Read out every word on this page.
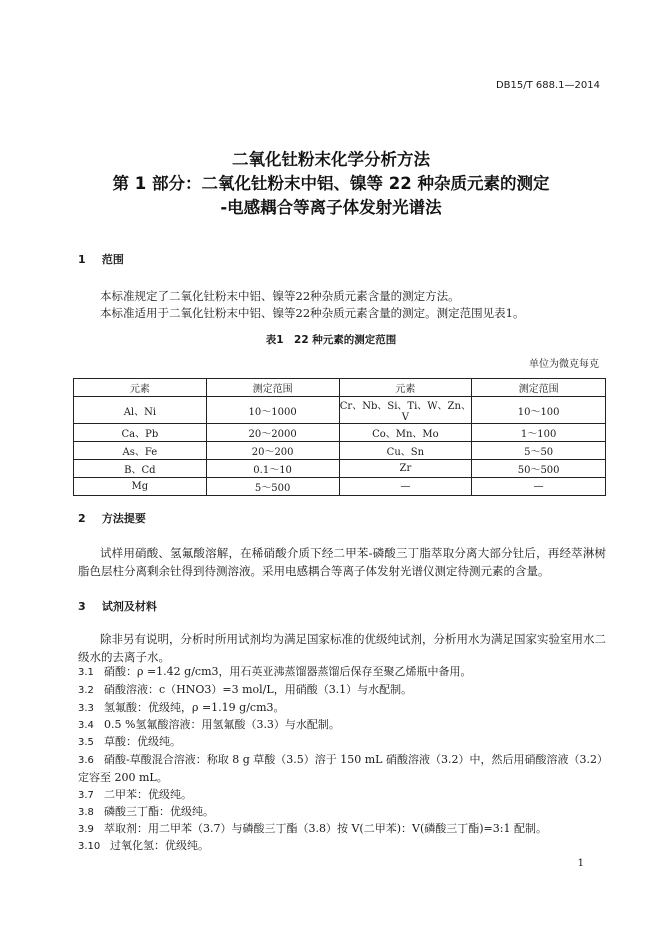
DB15/T 688.1—2014
二氧化钍粉末化学分析方法
第 1 部分：二氧化钍粉末中铝、镍等 22 种杂质元素的测定
-电感耦合等离子体发射光谱法
1 范围
本标准规定了二氧化钍粉末中铝、镍等22种杂质元素含量的测定方法。
本标准适用于二氧化钍粉末中铝、镍等22种杂质元素含量的测定。测定范围见表1。
表1　22 种元素的测定范围
单位为微克每克
元素	测定范围	元素	测定范围
Al、Ni	10～1000	Cr、Nb、Si、Ti、W、Zn、V	10～100
Ca、Pb	20～2000	Co、Mn、Mo	1～100
As、Fe	20～200	Cu、Sn	5～50
B、Cd	0.1～10	Zr	50～500
Mg	5～500	—	—
2 方法提要
试样用硝酸、氢氟酸溶解，在稀硝酸介质下经二甲苯-磷酸三丁脂萃取分离大部分钍后，再经萃淋树脂色层柱分离剩余钍得到待测溶液。采用电感耦合等离子体发射光谱仪测定待测元素的含量。
3 试剂及材料
除非另有说明，分析时所用试剂均为满足国家标准的优级纯试剂，分析用水为满足国家实验室用水二级水的去离子水。
3.1 硝酸：ρ =1.42 g/cm3，用石英亚沸蒸馏器蒸馏后保存至聚乙烯瓶中备用。
3.2 硝酸溶液：c（HNO3）=3 mol/L，用硝酸（3.1）与水配制。
3.3 氢氟酸：优级纯，ρ =1.19 g/cm3。
3.4 0.5 %氢氟酸溶液：用氢氟酸（3.3）与水配制。
3.5 草酸：优级纯。
3.6 硝酸-草酸混合溶液：称取 8 g 草酸（3.5）溶于 150 mL 硝酸溶液（3.2）中，然后用硝酸溶液（3.2）定容至 200 mL。
3.7 二甲苯：优级纯。
3.8 磷酸三丁酯：优级纯。
3.9 萃取剂：用二甲苯（3.7）与磷酸三丁酯（3.8）按 V(二甲苯)：V(磷酸三丁酯)=3:1 配制。
3.10 过氧化氢：优级纯。
1
